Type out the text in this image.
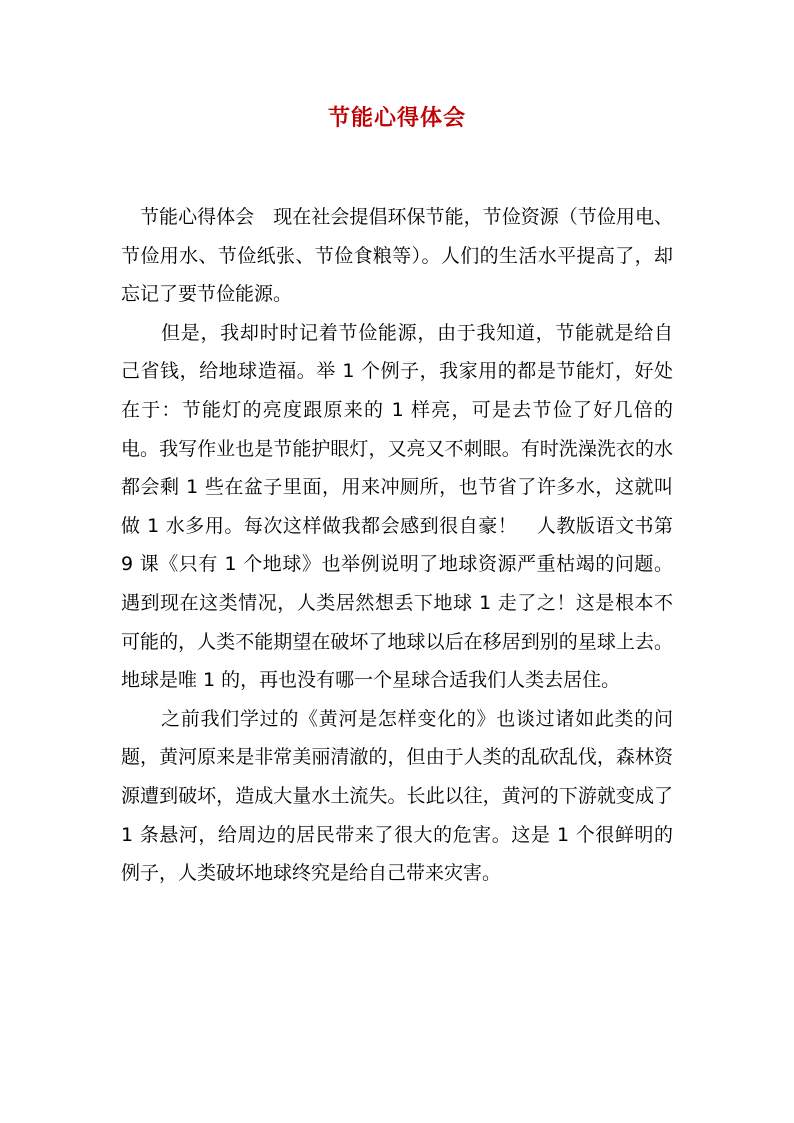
节能心得体会

节能心得体会　现在社会提倡环保节能，节俭资源（节俭用电、节俭用水、节俭纸张、节俭食粮等）。人们的生活水平提高了，却忘记了要节俭能源。

但是，我却时时记着节俭能源，由于我知道，节能就是给自己省钱，给地球造福。举 1 个例子，我家用的都是节能灯，好处在于：节能灯的亮度跟原来的 1 样亮，可是去节俭了好几倍的电。我写作业也是节能护眼灯，又亮又不刺眼。有时洗澡洗衣的水都会剩 1 些在盆子里面，用来冲厕所，也节省了许多水，这就叫做 1 水多用。每次这样做我都会感到很自豪！　人教版语文书第 9 课《只有 1 个地球》也举例说明了地球资源严重枯竭的问题。遇到现在这类情况，人类居然想丢下地球 1 走了之！这是根本不可能的，人类不能期望在破坏了地球以后在移居到别的星球上去。地球是唯 1 的，再也没有哪一个星球合适我们人类去居住。

之前我们学过的《黄河是怎样变化的》也谈过诸如此类的问题，黄河原来是非常美丽清澈的，但由于人类的乱砍乱伐，森林资源遭到破坏，造成大量水土流失。长此以往，黄河的下游就变成了 1 条悬河，给周边的居民带来了很大的危害。这是 1 个很鲜明的例子，人类破坏地球终究是给自己带来灾害。
